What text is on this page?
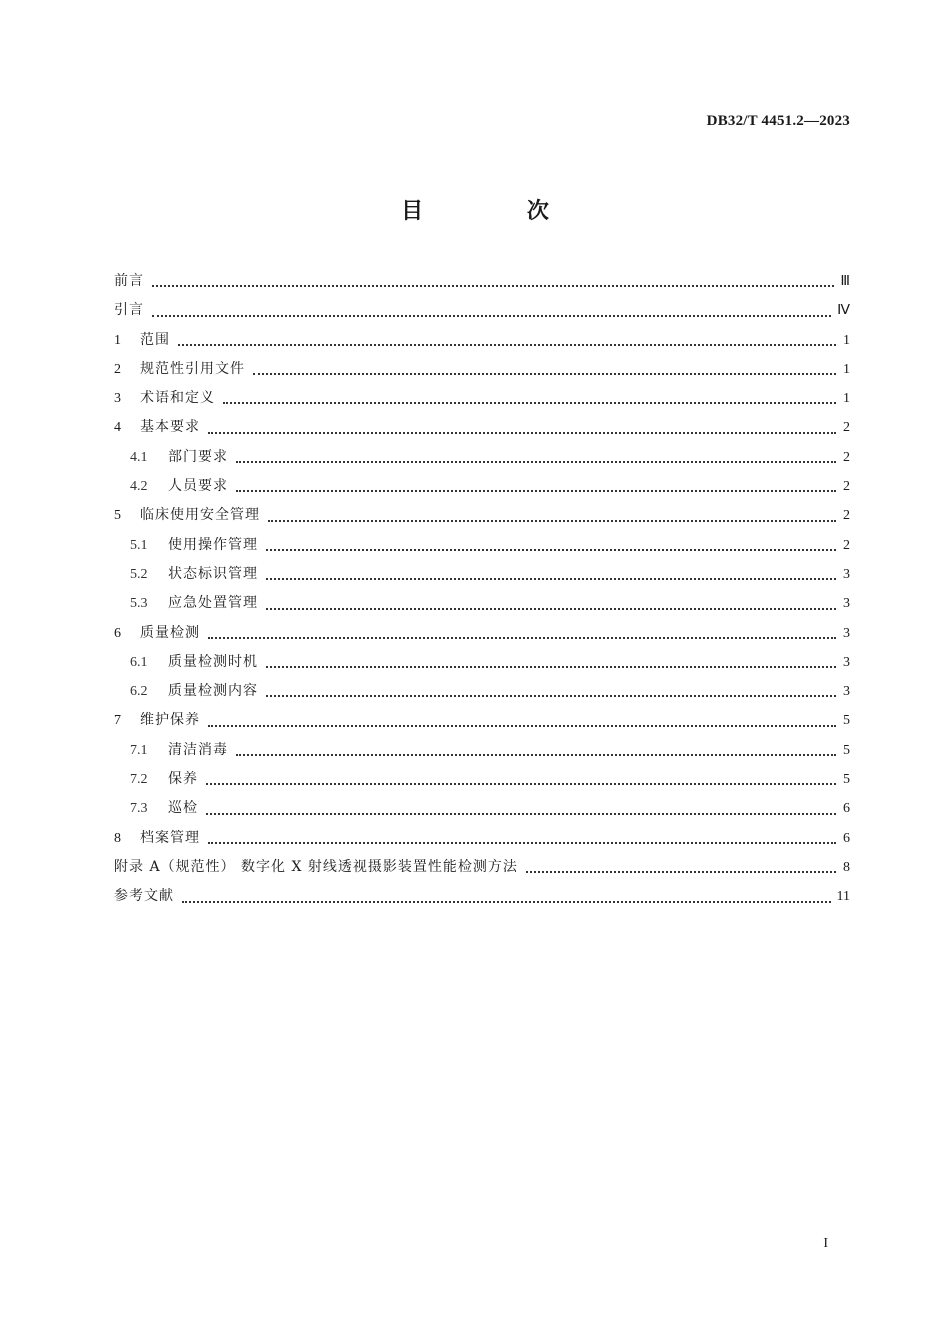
DB32/T 4451.2—2023
目 次
前言	Ⅲ
引言	Ⅳ
1	范围	1
2	规范性引用文件	1
3	术语和定义	1
4	基本要求	2
4.1	部门要求	2
4.2	人员要求	2
5	临床使用安全管理	2
5.1	使用操作管理	2
5.2	状态标识管理	3
5.3	应急处置管理	3
6	质量检测	3
6.1	质量检测时机	3
6.2	质量检测内容	3
7	维护保养	5
7.1	清洁消毒	5
7.2	保养	5
7.3	巡检	6
8	档案管理	6
附录 A（规范性） 数字化 X 射线透视摄影装置性能检测方法	8
参考文献	11
I
